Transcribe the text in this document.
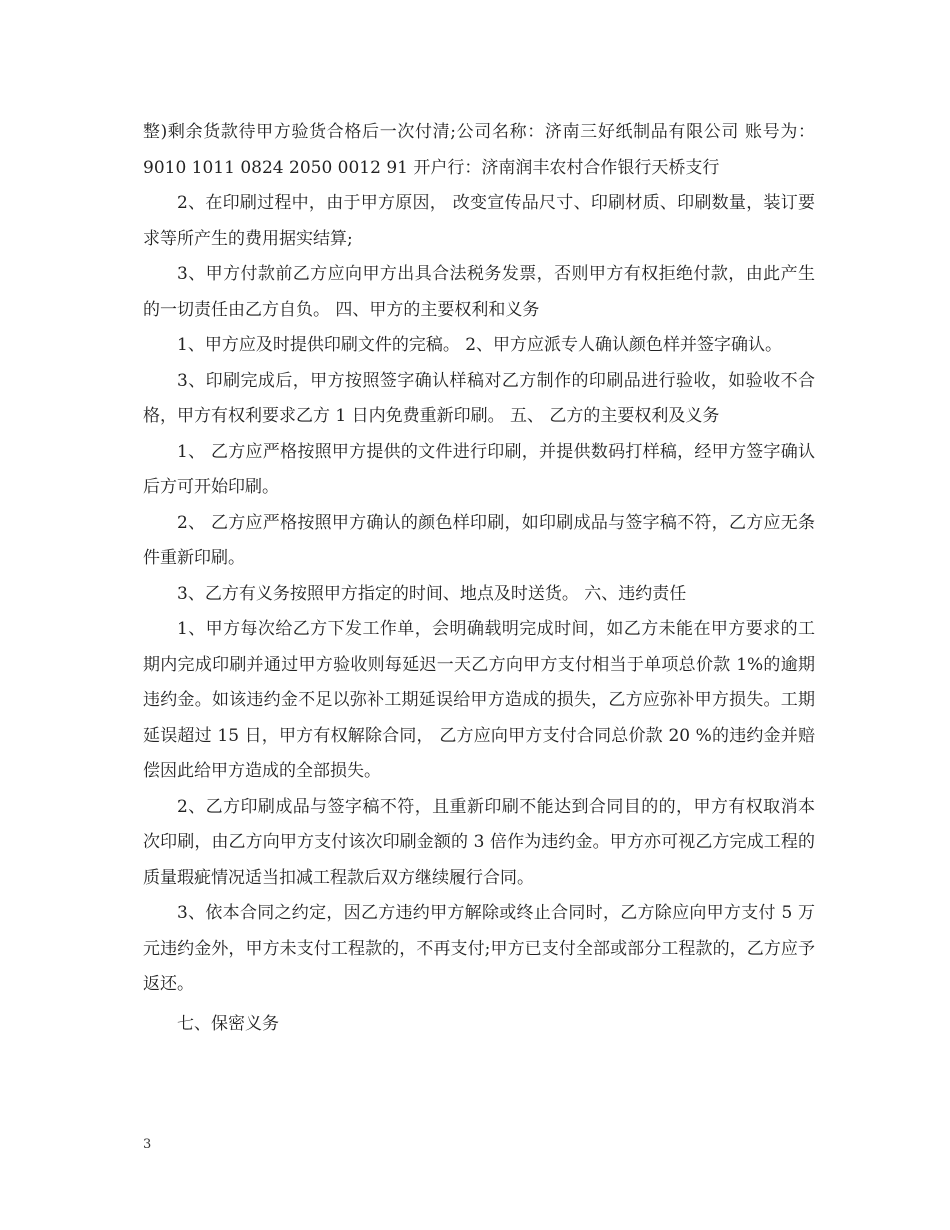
整)剩余货款待甲方验货合格后一次付清;公司名称：济南三好纸制品有限公司 账号为：9010 1011 0824 2050 0012 91 开户行：济南润丰农村合作银行天桥支行

2、在印刷过程中，由于甲方原因， 改变宣传品尺寸、印刷材质、印刷数量，装订要求等所产生的费用据实结算;

3、甲方付款前乙方应向甲方出具合法税务发票，否则甲方有权拒绝付款，由此产生的一切责任由乙方自负。 四、甲方的主要权利和义务

1、甲方应及时提供印刷文件的完稿。 2、甲方应派专人确认颜色样并签字确认。

3、印刷完成后，甲方按照签字确认样稿对乙方制作的印刷品进行验收，如验收不合格，甲方有权利要求乙方 1 日内免费重新印刷。 五、 乙方的主要权利及义务

1、 乙方应严格按照甲方提供的文件进行印刷，并提供数码打样稿，经甲方签字确认后方可开始印刷。

2、 乙方应严格按照甲方确认的颜色样印刷，如印刷成品与签字稿不符，乙方应无条件重新印刷。

3、乙方有义务按照甲方指定的时间、地点及时送货。 六、违约责任

1、甲方每次给乙方下发工作单，会明确载明完成时间，如乙方未能在甲方要求的工期内完成印刷并通过甲方验收则每延迟一天乙方向甲方支付相当于单项总价款 1%的逾期违约金。如该违约金不足以弥补工期延误给甲方造成的损失，乙方应弥补甲方损失。工期延误超过 15 日，甲方有权解除合同， 乙方应向甲方支付合同总价款 20 %的违约金并赔偿因此给甲方造成的全部损失。

2、乙方印刷成品与签字稿不符，且重新印刷不能达到合同目的的，甲方有权取消本次印刷，由乙方向甲方支付该次印刷金额的 3 倍作为违约金。甲方亦可视乙方完成工程的质量瑕疵情况适当扣减工程款后双方继续履行合同。

3、依本合同之约定，因乙方违约甲方解除或终止合同时，乙方除应向甲方支付 5 万元违约金外，甲方未支付工程款的，不再支付;甲方已支付全部或部分工程款的，乙方应予返还。

七、保密义务

3
